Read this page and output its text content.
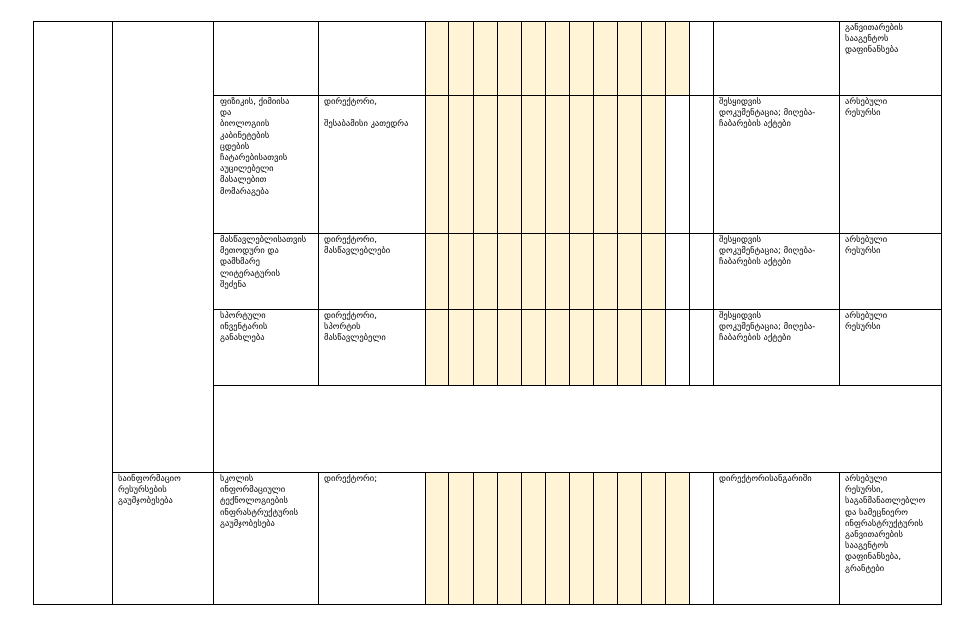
განვითარების
სააგენტოს
დაფინანსება
ფიზიკის, ქიმიისა
და
ბიოლოგიის
კაბინეტების
ცდების
ჩატარებისათვის
აუცილებელი
მასალებით
მომარაგება
დირექტორი,

შესაბამისი კათედრა
შესყიდვის
დოკუმენტაცია; მიღება-
ჩაბარების აქტები
არსებული
რესურსი
მასწავლებლისათვის
მეთოდური და
დამხმარე
ლიტერატურის
შეძენა
დირექტორი,
მასწავლებლები
შესყიდვის
დოკუმენტაცია; მიღება-
ჩაბარების აქტები
არსებული
რესურსი
სპორტული
ინვენტარის
განახლება
დირექტორი,
სპორტის
მასწავლებელი
შესყიდვის
დოკუმენტაცია; მიღება-
ჩაბარების აქტები
არსებული
რესურსი
საინფორმაციო
რესურსების
გაუმჯობესება
სკოლის
ინფორმაციული
ტექნოლოგიების
ინფრასტრუქტურის
გაუმჯობესება
დირექტორი;	დირექტორისანგარიში	არსებული
რესურსი,
საგანმანათლებლო
და სამეცნიერო
ინფრასტრუქტურის
განვითარების
სააგენტოს
დაფინანსება,
გრანტები
